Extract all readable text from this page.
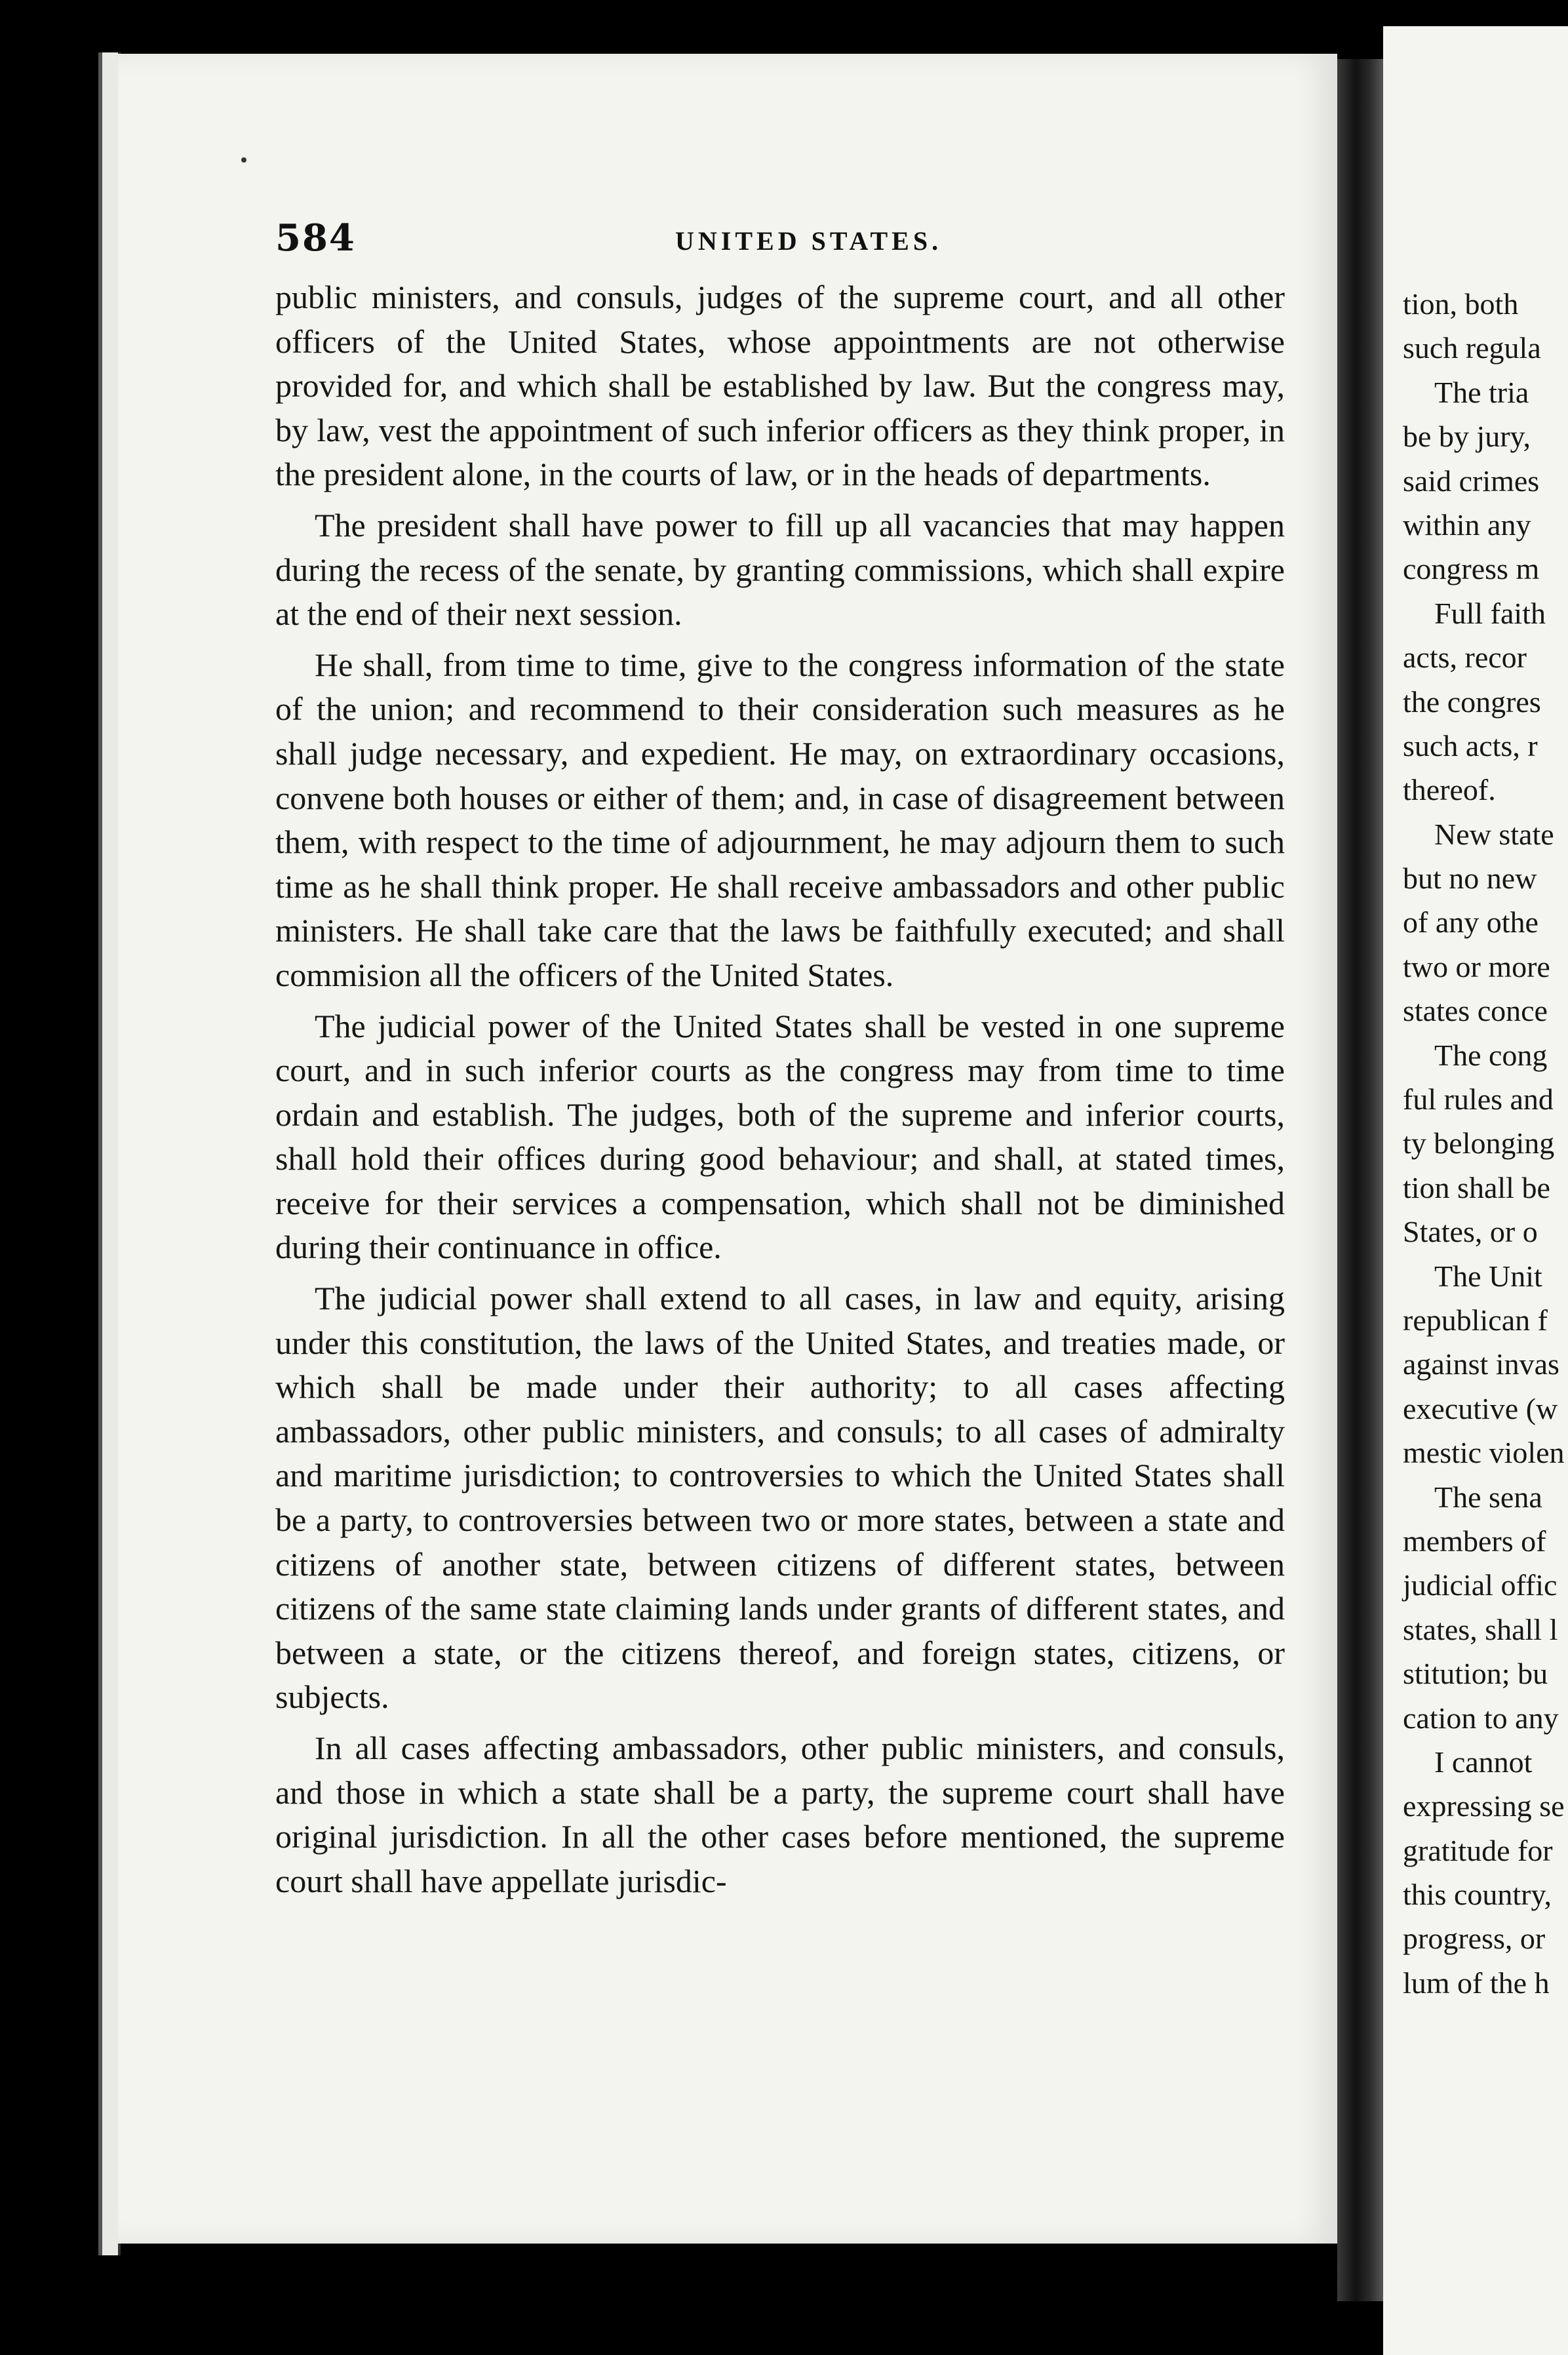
584	UNITED STATES.

public ministers, and consuls, judges of the supreme court, and all other officers of the United States, whose appointments are not otherwise provided for, and which shall be established by law. But the congress may, by law, vest the appointment of such inferior officers as they think proper, in the president alone, in the courts of law, or in the heads of departments.

The president shall have power to fill up all vacancies that may happen during the recess of the senate, by granting commissions, which shall expire at the end of their next session.

He shall, from time to time, give to the congress information of the state of the union; and recommend to their consideration such measures as he shall judge necessary, and expedient. He may, on extraordinary occasions, convene both houses or either of them; and, in case of disagreement between them, with respect to the time of adjournment, he may adjourn them to such time as he shall think proper. He shall receive ambassadors and other public ministers. He shall take care that the laws be faithfully executed; and shall commision all the officers of the United States.

The judicial power of the United States shall be vested in one supreme court, and in such inferior courts as the congress may from time to time ordain and establish. The judges, both of the supreme and inferior courts, shall hold their offices during good behaviour; and shall, at stated times, receive for their services a compensation, which shall not be diminished during their continuance in office.

The judicial power shall extend to all cases, in law and equity, arising under this constitution, the laws of the United States, and treaties made, or which shall be made under their authority; to all cases affecting ambassadors, other public ministers, and consuls; to all cases of admiralty and maritime jurisdiction; to controversies to which the United States shall be a party, to controversies between two or more states, between a state and citizens of another state, between citizens of different states, between citizens of the same state claiming lands under grants of different states, and between a state, or the citizens thereof, and foreign states, citizens, or subjects.

In all cases affecting ambassadors, other public ministers, and consuls, and those in which a state shall be a party, the supreme court shall have original jurisdiction. In all the other cases before mentioned, the supreme court shall have appellate jurisdic-

tion, both
such regula
The tria
be by jury,
said crimes
within any
congress m
Full faith
acts, recor
the congres
such acts, r
thereof.
New state
but no new
of any othe
two or more
states conce
The cong
ful rules and
ty belonging
tion shall be
States, or o
The Unit
republican f
against invas
executive (w
mestic violen
The sena
members of
judicial offic
states, shall l
stitution; bu
cation to any
I cannot
expressing se
gratitude for
this country,
progress, or
lum of the h
